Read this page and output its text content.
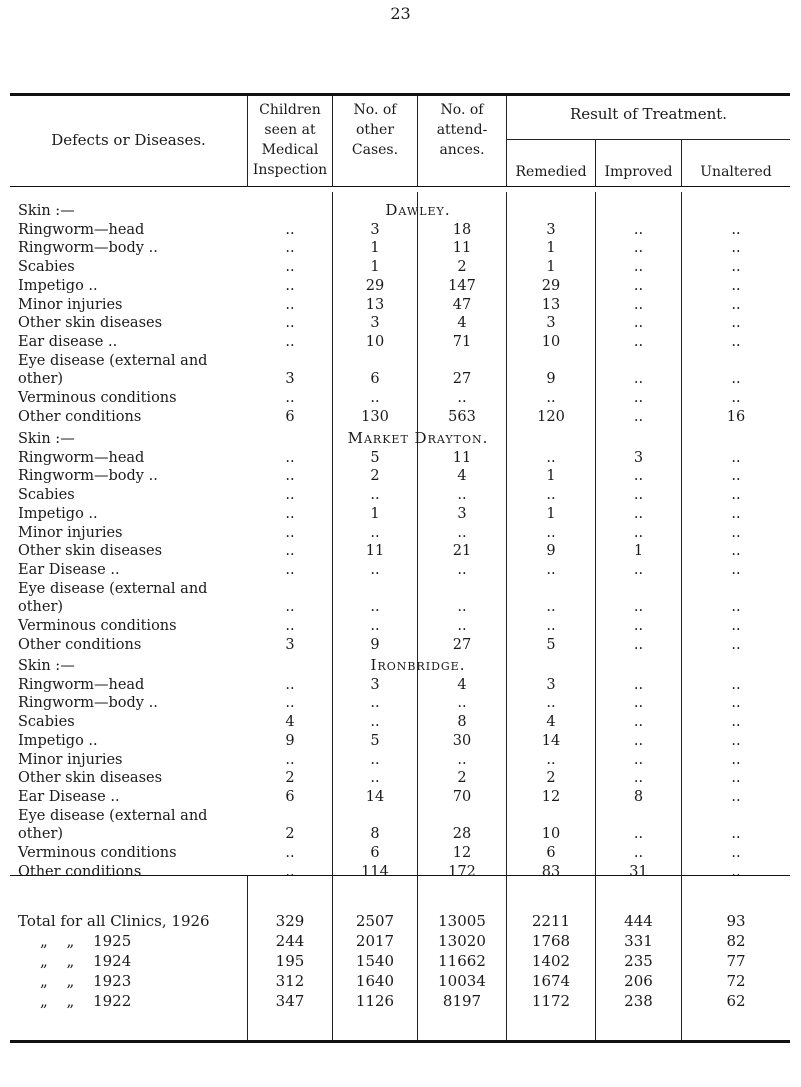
23
Defects or Diseases.
Children
seen at
Medical
Inspection
No. of
other
Cases.
No. of
attend-
ances.
Result of Treatment.
Remedied	Improved	Unaltered
Skin :—	Dawley.
Ringworm—head	..	3	18	3	..	..
Ringworm—body ..	..	1	11	1	..	..
Scabies	..	1	2	1	..	..
Impetigo ..	..	29	147	29	..	..
Minor injuries	..	13	47	13	..	..
Other skin diseases	..	3	4	3	..	..
Ear disease ..	..	10	71	10	..	..
Eye disease (external and
other)	3	6	27	9	..	..
Verminous conditions	..	..	..	..	..	..
Other conditions	6	130	563	120	..	16
Skin :—	Market Drayton.
Ringworm—head	..	5	11	..	3	..
Ringworm—body ..	..	2	4	1	..	..
Scabies	..	..	..	..	..	..
Impetigo ..	..	1	3	1	..	..
Minor injuries	..	..	..	..	..	..
Other skin diseases	..	11	21	9	1	..
Ear Disease ..	..	..	..	..	..	..
Eye disease (external and
other)	..	..	..	..	..	..
Verminous conditions	..	..	..	..	..	..
Other conditions	3	9	27	5	..	..
Skin :—	Ironbridge.
Ringworm—head	..	3	4	3	..	..
Ringworm—body ..	..	..	..	..	..	..
Scabies	4	..	8	4	..	..
Impetigo ..	9	5	30	14	..	..
Minor injuries	..	..	..	..	..	..
Other skin diseases	2	..	2	2	..	..
Ear Disease ..	6	14	70	12	8	..
Eye disease (external and
other)	2	8	28	10	..	..
Verminous conditions	..	6	12	6	..	..
Other conditions	..	114	172	83	31	..
Total for all Clinics, 1926	329	2507	13005	2211	444	93
„ „ 1925	244	2017	13020	1768	331	82
„ „ 1924	195	1540	11662	1402	235	77
„ „ 1923	312	1640	10034	1674	206	72
„ „ 1922	347	1126	8197	1172	238	62
